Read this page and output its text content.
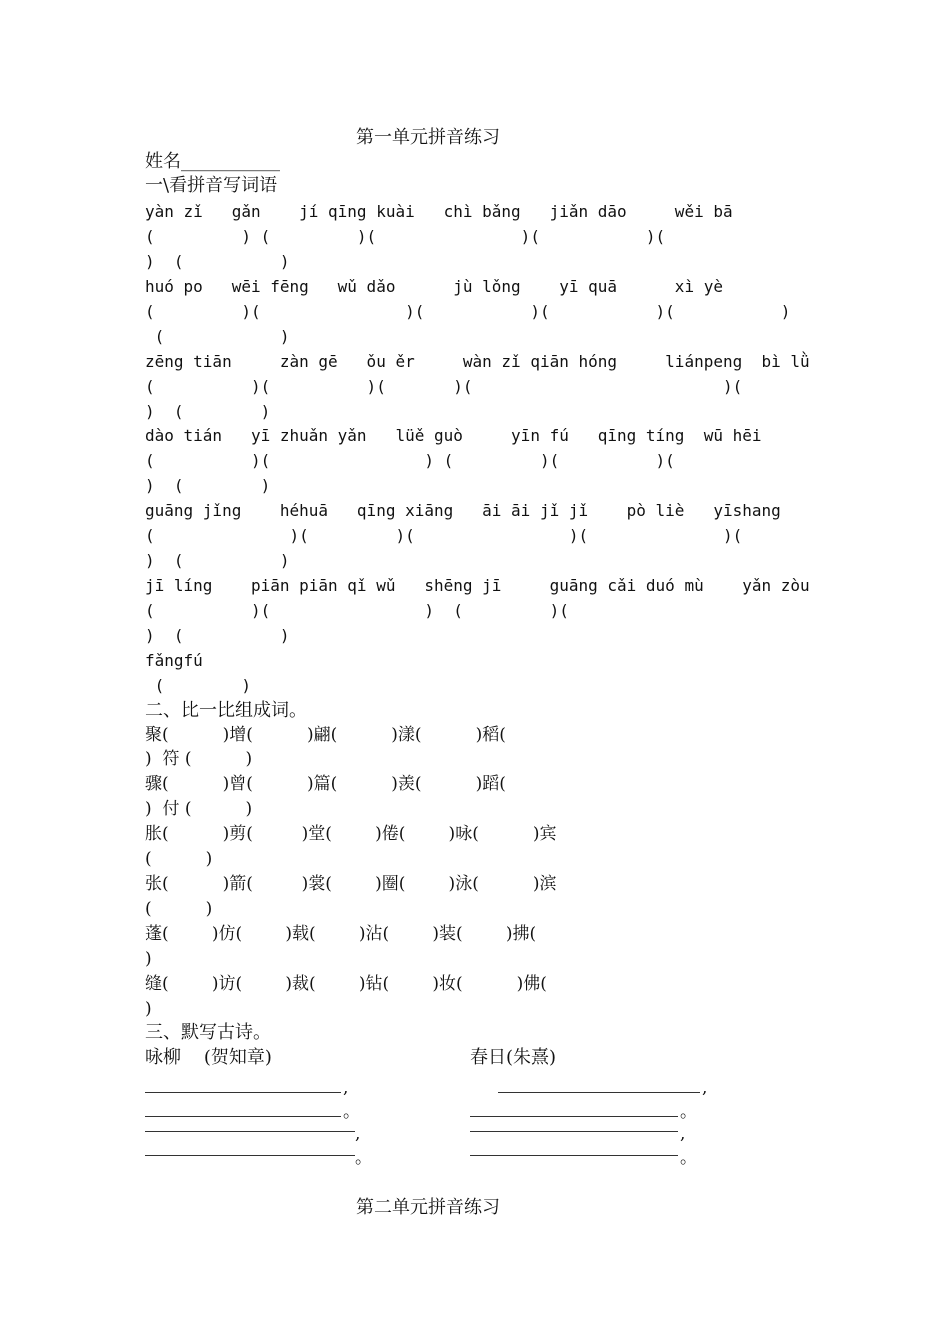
第一单元拼音练习
姓名___________
一\看拼音写词语
yàn zǐ   gǎn    jí qīng kuài   chì bǎng   jiǎn dāo     wěi bā
(         ) (         )(               )(           )(
)  (          )
huó po   wēi fēng   wǔ dǎo      jù lǒng    yī quā      xì yè
(         )(               )(           )(           )(           )
(            )
zēng tiān     zàn gē   ǒu ěr     wàn zǐ qiān hóng     liánpeng  bì lǜ
(          )(          )(       )(                          )(
)  (        )
dào tián   yī zhuǎn yǎn   lüě guò     yīn fú   qīng tíng  wū hēi
(          )(                ) (         )(          )(
)  (        )
guāng jǐng    héhuā   qīng xiāng   āi āi jǐ jǐ    pò liè   yīshang
(              )(         )(                )(              )(
)  (          )
jī líng    piān piān qǐ wǔ   shēng jī     guāng cǎi duó mù    yǎn zòu
(          )(                )  (         )(
)  (          )
fǎngfú
(        )
二、比一比组成词。
聚(          )增(          )翩(          )漾(          )稻(
)  符 (          )
骤(          )曾(          )篇(          )羡(          )蹈(
)  付 (          )
胀(          )剪(         )堂(        )倦(        )咏(          )宾
(          )
张(          )箭(         )裳(        )圈(        )泳(          )滨
(          )
蓬(        )仿(        )载(        )沾(        )装(        )拂(
)
缝(        )访(        )裁(        )钻(        )妆(          )佛(
)
三、默写古诗。
咏柳    (贺知章)	春日(朱熹)
,
。
,
。
,
。
,
。
第二单元拼音练习
